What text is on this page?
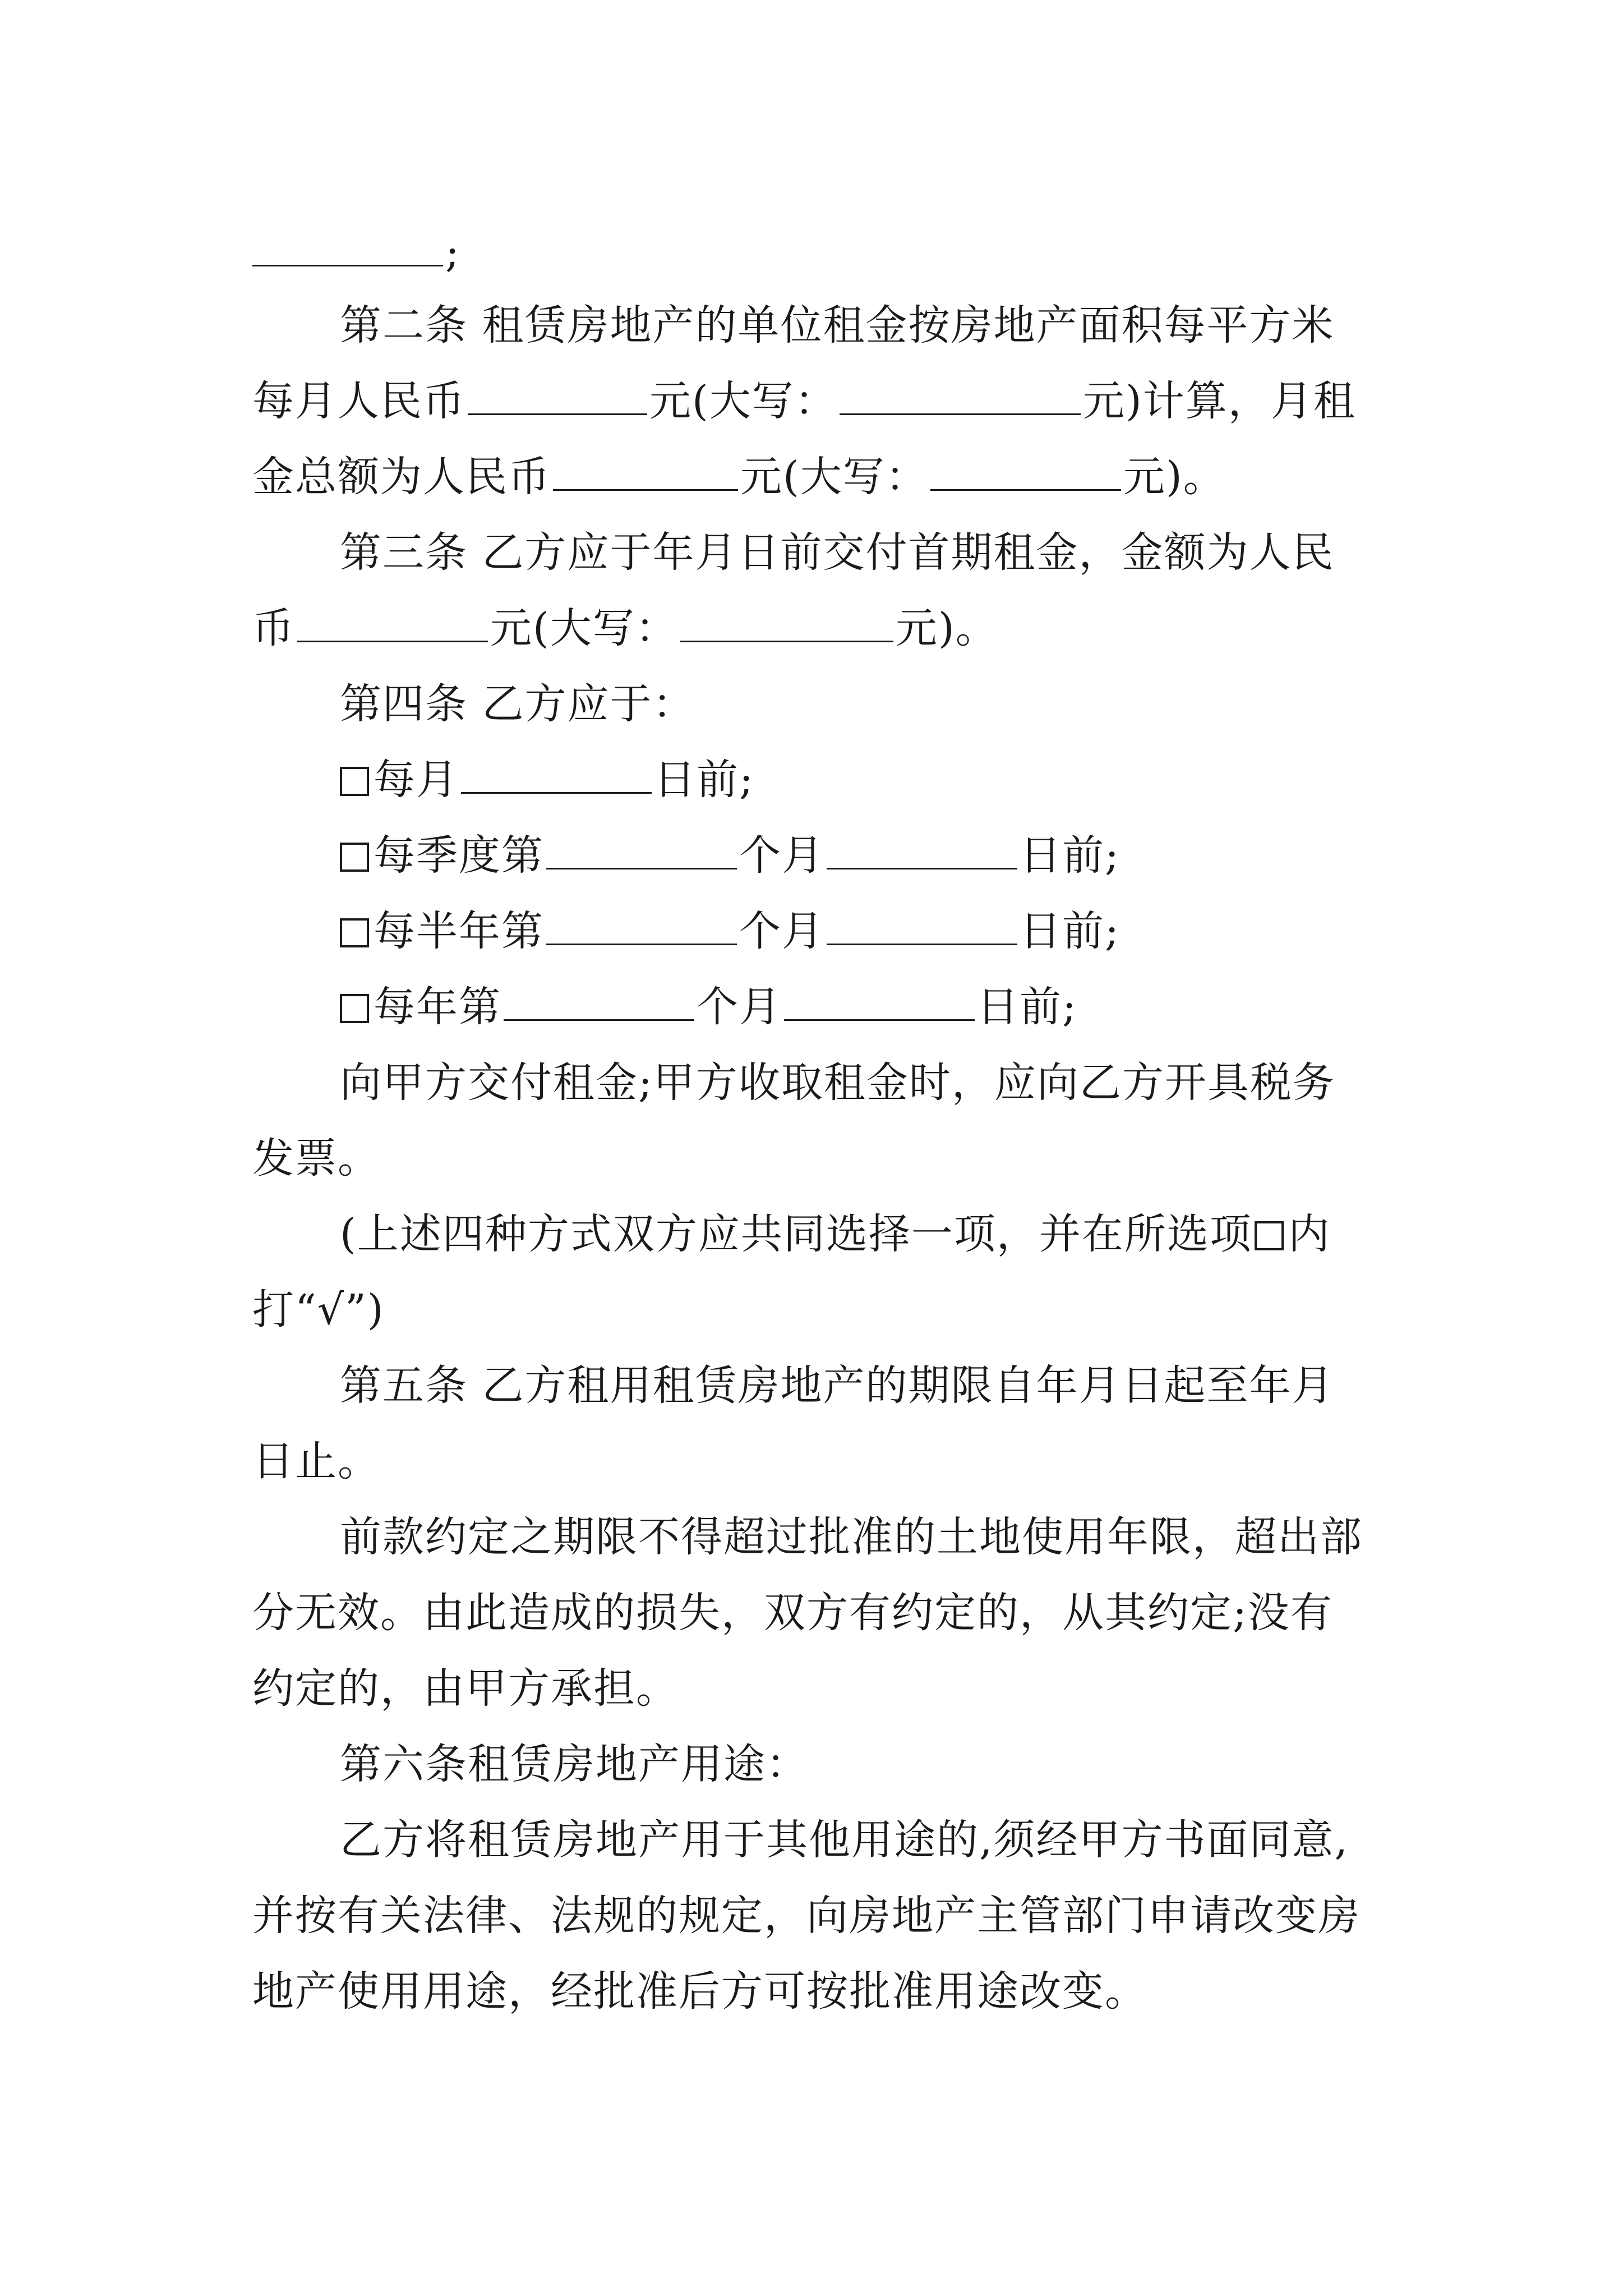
;
第二条 租赁房地产的单位租金按房地产面积每平方米
每月人民币	元(大写：	元)计算，月租
金总额为人民币	元(大写：	元)。
第三条 乙方应于年月日前交付首期租金，金额为人民
币	元(大写：	元)。
第四条 乙方应于：
每月	日前;
每季度第	个月	日前;
每半年第	个月	日前;
每年第	个月	日前;
向甲方交付租金;甲方收取租金时，应向乙方开具税务
发票。
(上述四种方式双方应共同选择一项，并在所选项 内
打“√”)
第五条 乙方租用租赁房地产的期限自年月日起至年月
日止。
前款约定之期限不得超过批准的土地使用年限，超出部
分无效。由此造成的损失，双方有约定的，从其约定;没有
约定的，由甲方承担。
第六条租赁房地产用途：
乙方将租赁房地产用于其他用途的,须经甲方书面同意,
并按有关法律、法规的规定，向房地产主管部门申请改变房
地产使用用途，经批准后方可按批准用途改变。
